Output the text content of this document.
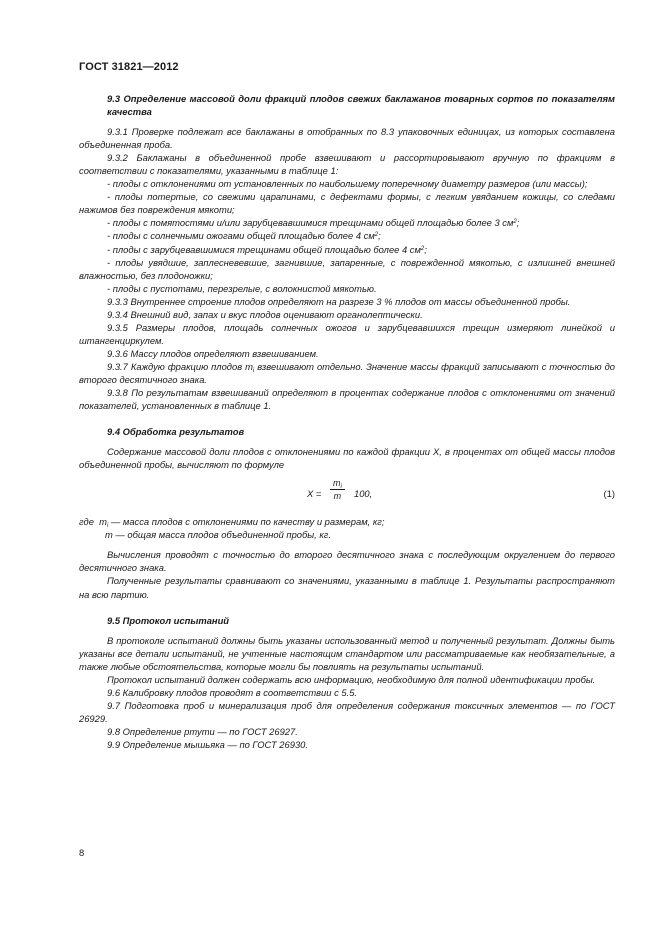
ГОСТ 31821—2012

9.3 Определение массовой доли фракций плодов свежих баклажанов товарных сортов по показателям качества

9.3.1 Проверке подлежат все баклажаны в отобранных по 8.3 упаковочных единицах, из которых составлена объединенная проба.

9.3.2 Баклажаны в объединенной пробе взвешивают и рассортировывают вручную по фракциям в соответствии с показателями, указанными в таблице 1:

- плоды с отклонениями от установленных по наибольшему поперечному диаметру размеров (или массы);

- плоды потертые, со свежими царапинами, с дефектами формы, с легким увяданием кожицы, со следами нажимов без повреждения мякоти;

- плоды с помятостями и/или зарубцевавшимися трещинами общей площадью более 3 $см^2$;

- плоды с солнечными ожогами общей площадью более 4 $см^2$;

- плоды с зарубцевавшимися трещинами общей площадью более 4 $см^2$;

- плоды увядшие, заплесневевшие, загнившие, запаренные, с поврежденной мякотью, с излишней внешней влажностью, без плодоножки;

- плоды с пустотами, перезрелые, с волокнистой мякотью.

9.3.3 Внутреннее строение плодов определяют на разрезе 3 % плодов от массы объединенной пробы.

9.3.4 Внешний вид, запах и вкус плодов оценивают органолептически.

9.3.5 Размеры плодов, площадь солнечных ожогов и зарубцевавшихся трещин измеряют линейкой и штангенциркулем.

9.3.6 Массу плодов определяют взвешиванием.

9.3.7 Каждую фракцию плодов $m_i$ взвешивают отдельно. Значение массы фракций записывают с точностью до второго десятичного знака.

9.3.8 По результатам взвешиваний определяют в процентах содержание плодов с отклонениями от значений показателей, установленных в таблице 1.

9.4 Обработка результатов

Содержание массовой доли плодов с отклонениями по каждой фракции X, в процентах от общей массы плодов объединенной пробы, вычисляют по формуле

$X = \frac{m_i}{m} 100$,	(1)

где $m_i$ — масса плодов с отклонениями по качеству и размерам, кг;

m — общая масса плодов объединенной пробы, кг.

Вычисления проводят с точностью до второго десятичного знака с последующим округлением до первого десятичного знака.

Полученные результаты сравнивают со значениями, указанными в таблице 1. Результаты распространяют на всю партию.

9.5 Протокол испытаний

В протоколе испытаний должны быть указаны использованный метод и полученный результат. Должны быть указаны все детали испытаний, не учтенные настоящим стандартом или рассматриваемые как необязательные, а также любые обстоятельства, которые могли бы повлиять на результаты испытаний.

Протокол испытаний должен содержать всю информацию, необходимую для полной идентификации пробы.

9.6 Калибровку плодов проводят в соответствии с 5.5.

9.7 Подготовка проб и минерализация проб для определения содержания токсичных элементов — по ГОСТ 26929.

9.8 Определение ртути — по ГОСТ 26927.

9.9 Определение мышьяка — по ГОСТ 26930.

8
